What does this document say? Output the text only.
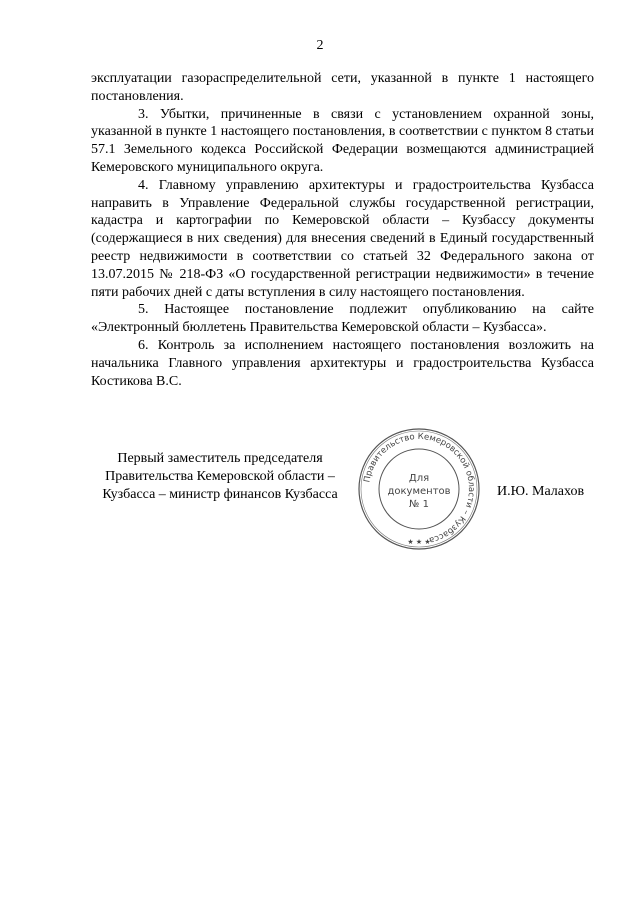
2

эксплуатации газораспределительной сети, указанной в пункте 1 настоящего постановления.

3. Убытки, причиненные в связи с установлением охранной зоны, указанной в пункте 1 настоящего постановления, в соответствии с пунктом 8 статьи 57.1 Земельного кодекса Российской Федерации возмещаются администрацией Кемеровского муниципального округа.

4. Главному управлению архитектуры и градостроительства Кузбасса направить в Управление Федеральной службы государственной регистрации, кадастра и картографии по Кемеровской области – Кузбассу документы (содержащиеся в них сведения) для внесения сведений в Единый государственный реестр недвижимости в соответствии со статьей 32 Федерального закона от 13.07.2015 № 218-ФЗ «О государственной регистрации недвижимости» в течение пяти рабочих дней с даты вступления в силу настоящего постановления.

5. Настоящее постановление подлежит опубликованию на сайте «Электронный бюллетень Правительства Кемеровской области – Кузбасса».

6. Контроль за исполнением настоящего постановления возложить на начальника Главного управления архитектуры и градостроительства Кузбасса Костикова В.С.

Первый заместитель председателя
Правительства Кемеровской области –
Кузбасса – министр финансов Кузбасса
Правительство Кемеровской области – Кузбасса
Для
документов
№ 1
★ ★ ★
И.Ю. Малахов
